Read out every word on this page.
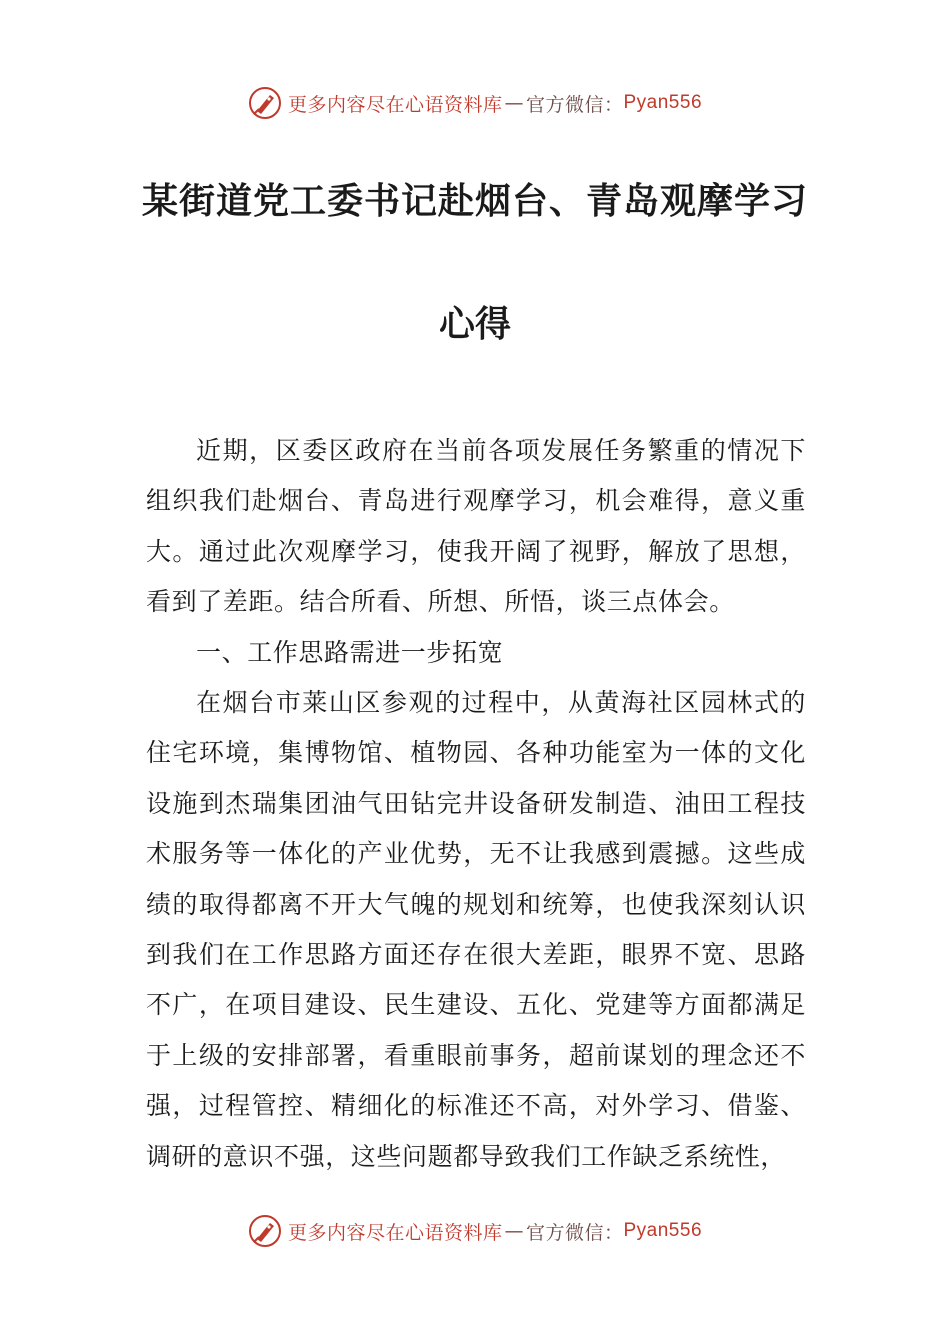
更多内容尽在心语资料库 — 官方微信： Pyan556
某街道党工委书记赴烟台、青岛观摩学习
心得

近期，区委区政府在当前各项发展任务繁重的情况下组织我们赴烟台、青岛进行观摩学习，机会难得，意义重大。通过此次观摩学习，使我开阔了视野，解放了思想，看到了差距。结合所看、所想、所悟，谈三点体会。

一、工作思路需进一步拓宽

在烟台市莱山区参观的过程中，从黄海社区园林式的住宅环境，集博物馆、植物园、各种功能室为一体的文化设施到杰瑞集团油气田钻完井设备研发制造、油田工程技术服务等一体化的产业优势，无不让我感到震撼。这些成绩的取得都离不开大气魄的规划和统筹，也使我深刻认识到我们在工作思路方面还存在很大差距，眼界不宽、思路不广，在项目建设、民生建设、五化、党建等方面都满足于上级的安排部署，看重眼前事务，超前谋划的理念还不强，过程管控、精细化的标准还不高，对外学习、借鉴、调研的意识不强，这些问题都导致我们工作缺乏系统性，

更多内容尽在心语资料库 — 官方微信： Pyan556
